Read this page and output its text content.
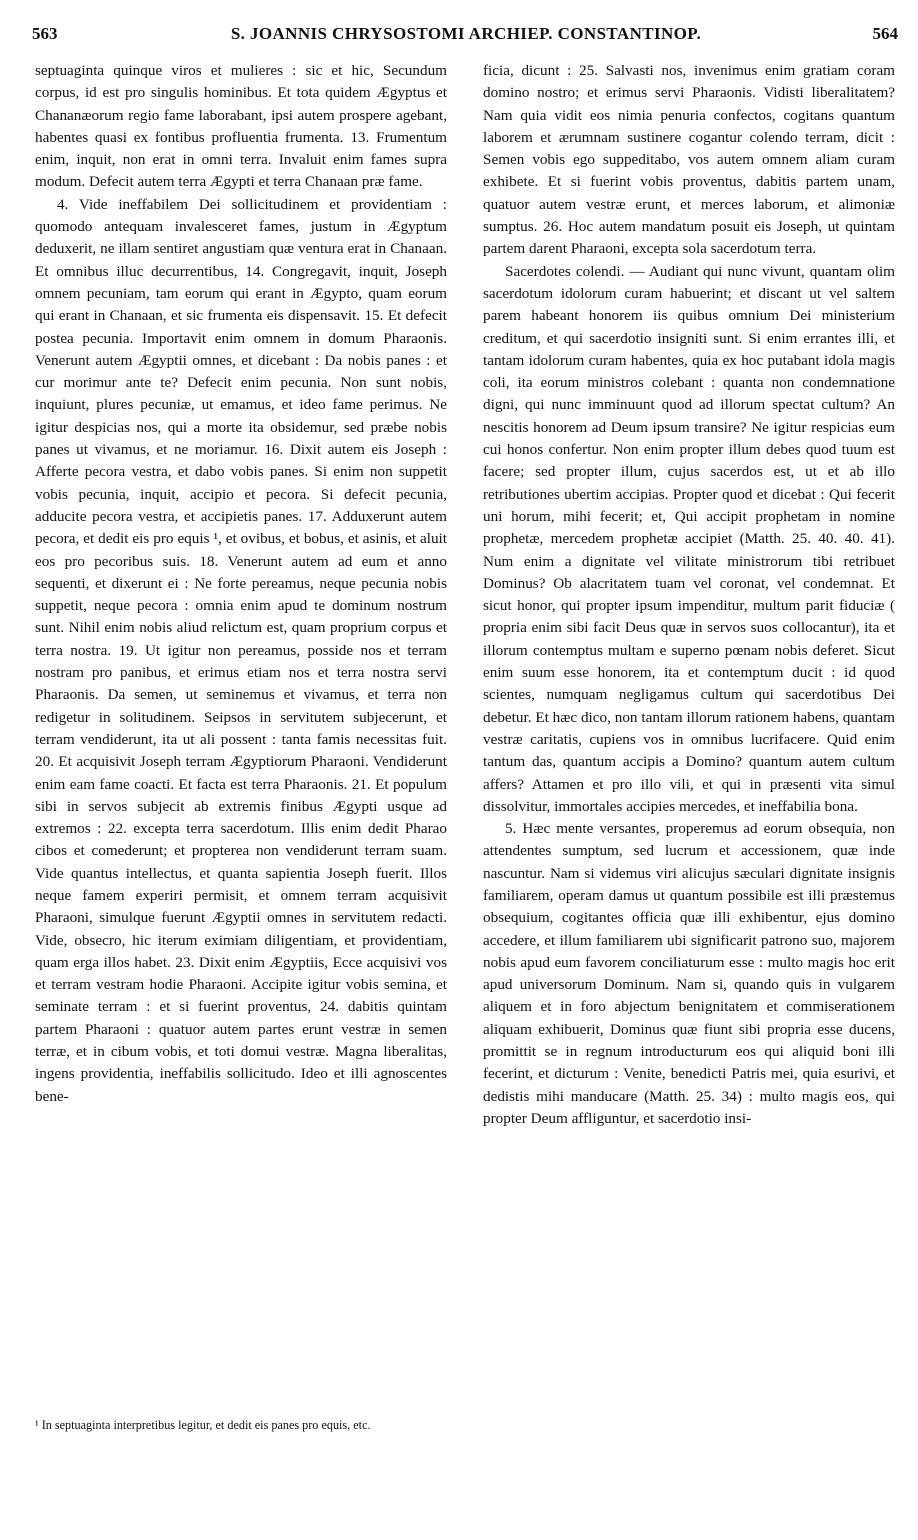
563	S. JOANNIS CHRYSOSTOMI ARCHIEP. CONSTANTINOP.	564

septuaginta quinque viros et mulieres : sic et hic, Secundum corpus, id est pro singulis hominibus. Et tota quidem Ægyptus et Chananæorum regio fame laborabant, ipsi autem prospere agebant, habentes quasi ex fontibus profluentia frumenta. 13. Frumentum enim, inquit, non erat in omni terra. Invaluit enim fames supra modum. Defecit autem terra Ægypti et terra Chanaan præ fame.

4. Vide ineffabilem Dei sollicitudinem et providentiam : quomodo antequam invalesceret fames, justum in Ægyptum deduxerit, ne illam sentiret angustiam quæ ventura erat in Chanaan. Et omnibus illuc decurrentibus, 14. Congregavit, inquit, Joseph omnem pecuniam, tam eorum qui erant in Ægypto, quam eorum qui erant in Chanaan, et sic frumenta eis dispensavit. 15. Et defecit postea pecunia. Importavit enim omnem in domum Pharaonis. Venerunt autem Ægyptii omnes, et dicebant : Da nobis panes : et cur morimur ante te? Defecit enim pecunia. Non sunt nobis, inquiunt, plures pecuniæ, ut emamus, et ideo fame perimus. Ne igitur despicias nos, qui a morte ita obsidemur, sed præbe nobis panes ut vivamus, et ne moriamur. 16. Dixit autem eis Joseph : Afferte pecora vestra, et dabo vobis panes. Si enim non suppetit vobis pecunia, inquit, accipio et pecora. Si defecit pecunia, adducite pecora vestra, et accipietis panes. 17. Adduxerunt autem pecora, et dedit eis pro equis ¹, et ovibus, et bobus, et asinis, et aluit eos pro pecoribus suis. 18. Venerunt autem ad eum et anno sequenti, et dixerunt ei : Ne forte pereamus, neque pecunia nobis suppetit, neque pecora : omnia enim apud te dominum nostrum sunt. Nihil enim nobis aliud relictum est, quam proprium corpus et terra nostra. 19. Ut igitur non pereamus, posside nos et terram nostram pro panibus, et erimus etiam nos et terra nostra servi Pharaonis. Da semen, ut seminemus et vivamus, et terra non redigetur in solitudinem. Seipsos in servitutem subjecerunt, et terram vendiderunt, ita ut ali possent : tanta famis necessitas fuit. 20. Et acquisivit Joseph terram Ægyptiorum Pharaoni. Vendiderunt enim eam fame coacti. Et facta est terra Pharaonis. 21. Et populum sibi in servos subjecit ab extremis finibus Ægypti usque ad extremos : 22. excepta terra sacerdotum. Illis enim dedit Pharao cibos et comederunt; et propterea non vendiderunt terram suam. Vide quantus intellectus, et quanta sapientia Joseph fuerit. Illos neque famem experiri permisit, et omnem terram acquisivit Pharaoni, simulque fuerunt Ægyptii omnes in servitutem redacti. Vide, obsecro, hic iterum eximiam diligentiam, et providentiam, quam erga illos habet. 23. Dixit enim Ægyptiis, Ecce acquisivi vos et terram vestram hodie Pharaoni. Accipite igitur vobis semina, et seminate terram : et si fuerint proventus, 24. dabitis quintam partem Pharaoni : quatuor autem partes erunt vestræ in semen terræ, et in cibum vobis, et toti domui vestræ. Magna liberalitas, ingens providentia, ineffabilis sollicitudo. Ideo et illi agnoscentes bene-

¹ In septuaginta interpretibus legitur, et dedit eis panes pro equis, etc.

ficia, dicunt : 25. Salvasti nos, invenimus enim gratiam coram domino nostro; et erimus servi Pharaonis. Vidisti liberalitatem? Nam quia vidit eos nimia penuria confectos, cogitans quantum laborem et ærumnam sustinere cogantur colendo terram, dicit : Semen vobis ego suppeditabo, vos autem omnem aliam curam exhibete. Et si fuerint vobis proventus, dabitis partem unam, quatuor autem vestræ erunt, et merces laborum, et alimoniæ sumptus. 26. Hoc autem mandatum posuit eis Joseph, ut quintam partem darent Pharaoni, excepta sola sacerdotum terra.

Sacerdotes colendi. — Audiant qui nunc vivunt, quantam olim sacerdotum idolorum curam habuerint; et discant ut vel saltem parem habeant honorem iis quibus omnium Dei ministerium creditum, et qui sacerdotio insigniti sunt. Si enim errantes illi, et tantam idolorum curam habentes, quia ex hoc putabant idola magis coli, ita eorum ministros colebant : quanta non condemnatione digni, qui nunc imminuunt quod ad illorum spectat cultum? An nescitis honorem ad Deum ipsum transire? Ne igitur respicias eum cui honos confertur. Non enim propter illum debes quod tuum est facere; sed propter illum, cujus sacerdos est, ut et ab illo retributiones ubertim accipias. Propter quod et dicebat : Qui fecerit uni horum, mihi fecerit; et, Qui accipit prophetam in nomine prophetæ, mercedem prophetæ accipiet (Matth. 25. 40. 40. 41). Num enim a dignitate vel vilitate ministrorum tibi retribuet Dominus? Ob alacritatem tuam vel coronat, vel condemnat. Et sicut honor, qui propter ipsum impenditur, multum parit fiduciæ ( propria enim sibi facit Deus quæ in servos suos collocantur), ita et illorum contemptus multam e superno pœnam nobis deferet. Sicut enim suum esse honorem, ita et contemptum ducit : id quod scientes, numquam negligamus cultum qui sacerdotibus Dei debetur. Et hæc dico, non tantam illorum rationem habens, quantam vestræ caritatis, cupiens vos in omnibus lucrifacere. Quid enim tantum das, quantum accipis a Domino? quantum autem cultum affers? Attamen et pro illo vili, et qui in præsenti vita simul dissolvitur, immortales accipies mercedes, et ineffabilia bona.

5. Hæc mente versantes, properemus ad eorum obsequia, non attendentes sumptum, sed lucrum et accessionem, quæ inde nascuntur. Nam si videmus viri alicujus sæculari dignitate insignis familiarem, operam damus ut quantum possibile est illi præstemus obsequium, cogitantes officia quæ illi exhibentur, ejus domino accedere, et illum familiarem ubi significarit patrono suo, majorem nobis apud eum favorem conciliaturum esse : multo magis hoc erit apud universorum Dominum. Nam si, quando quis in vulgarem aliquem et in foro abjectum benignitatem et commiserationem aliquam exhibuerit, Dominus quæ fiunt sibi propria esse ducens, promittit se in regnum introducturum eos qui aliquid boni illi fecerint, et dicturum : Venite, benedicti Patris mei, quia esurivi, et dedistis mihi manducare (Matth. 25. 34) : multo magis eos, qui propter Deum affliguntur, et sacerdotio insi-
